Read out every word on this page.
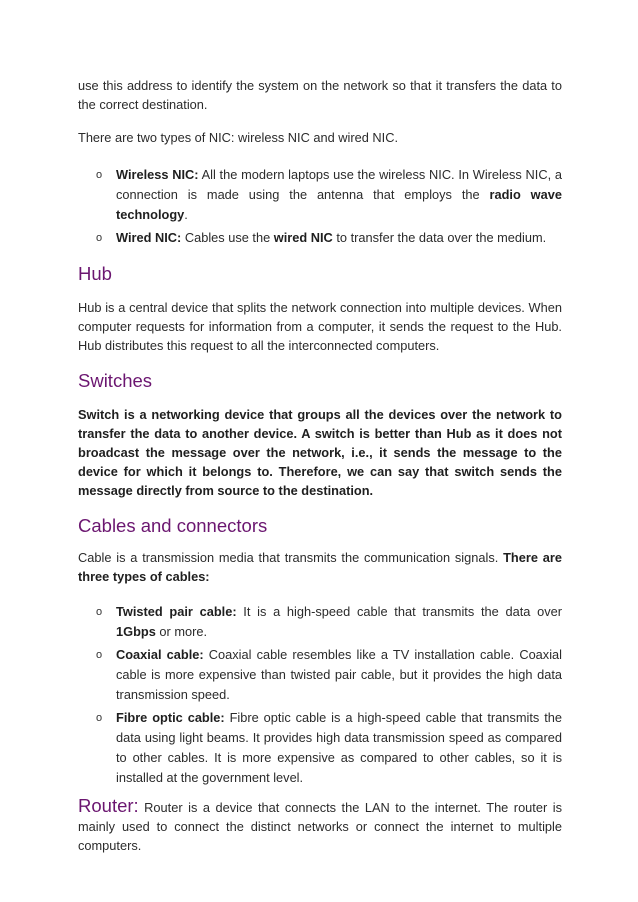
use this address to identify the system on the network so that it transfers the data to the correct destination.

There are two types of NIC: wireless NIC and wired NIC.

o Wireless NIC: All the modern laptops use the wireless NIC. In Wireless NIC, a connection is made using the antenna that employs the radio wave technology.
o Wired NIC: Cables use the wired NIC to transfer the data over the medium.
Hub

Hub is a central device that splits the network connection into multiple devices. When computer requests for information from a computer, it sends the request to the Hub. Hub distributes this request to all the interconnected computers.

Switches

Switch is a networking device that groups all the devices over the network to transfer the data to another device. A switch is better than Hub as it does not broadcast the message over the network, i.e., it sends the message to the device for which it belongs to. Therefore, we can say that switch sends the message directly from source to the destination.

Cables and connectors

Cable is a transmission media that transmits the communication signals. There are three types of cables:

o Twisted pair cable: It is a high-speed cable that transmits the data over 1Gbps or more.
o Coaxial cable: Coaxial cable resembles like a TV installation cable. Coaxial cable is more expensive than twisted pair cable, but it provides the high data transmission speed.
o Fibre optic cable: Fibre optic cable is a high-speed cable that transmits the data using light beams. It provides high data transmission speed as compared to other cables. It is more expensive as compared to other cables, so it is installed at the government level.

Router: Router is a device that connects the LAN to the internet. The router is mainly used to connect the distinct networks or connect the internet to multiple computers.
